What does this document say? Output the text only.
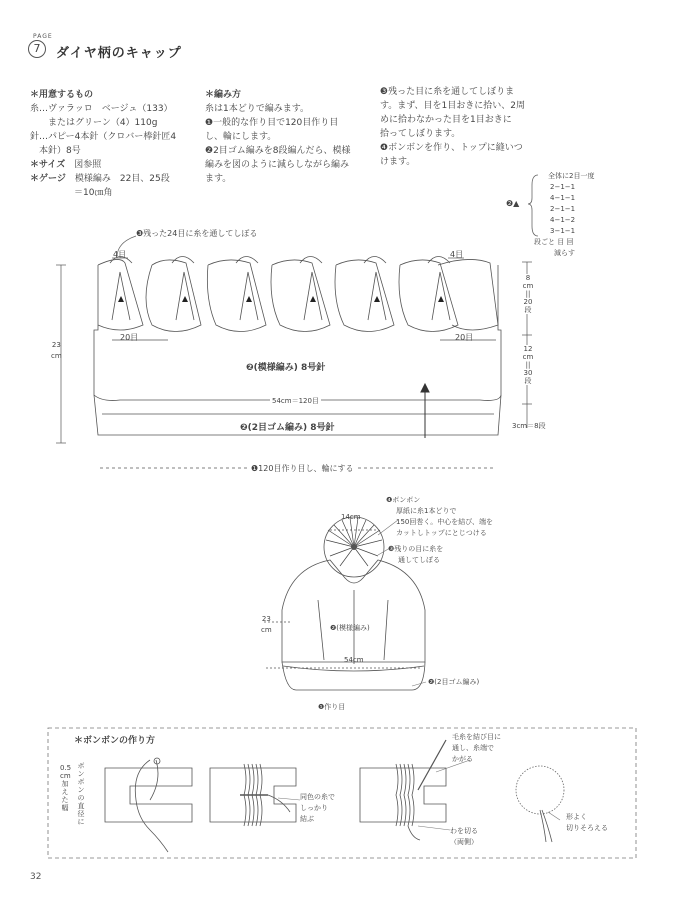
PAGE
7	ダイヤ柄のキャップ
＊用意するもの
糸…ヴァラッロ　ベージュ（133）
　　またはグリーン（4）110g
針…パピー4本針（クロバー棒針匠4
　本針）8号
＊サイズ　 図参照
＊ゲージ　 模様編み　22目、25段
＝10㎝角
＊編み方
糸は1本どりで編みます。
❶一般的な作り目で120目作り目
し、輪にします。
❷2目ゴム編みを8段編んだら、模様
編みを図のように減らしながら編み
ます。
❸残った目に糸を通してしぼりま
す。まず、目を1目おきに拾い、2周
めに拾わなかった目を1目おきに
拾ってしぼります。
❹ボンボンを作り、トップに縫いつ
けます。
❷▲
全体に2目一度
2−1−1
4−1−1
2−1−1
4−1−2
3−1−1
段ごと 目 回
減らす
❸残った24目に糸を通してしぼる
4目	4目
20目	20目
23
cm
8
cm
||
20
段
12
cm
||
30
段
3cm＝8段
❷(模様編み) 8号針
54cm＝120目
❷(2目ゴム編み) 8号針
❶120目作り目し、輪にする
❹ボンボン
厚紙に糸1本どりで
150回巻く。中心を結び、端を
カットしトップにとじつける
14cm
❸残りの目に糸を
通してしぼる
23
cm	❷(模様編み)
54cm
❷(2目ゴム編み)
❶作り目
＊ボンボンの作り方
0.5
cm
加
え
た
幅
ボ
ン
ボ
ン
の
直
径
に
同色の糸で
しっかり
結ぶ
毛糸を結び目に
通し、糸端で
かがる
わを切る
（両側）
形よく
切りそろえる
32
